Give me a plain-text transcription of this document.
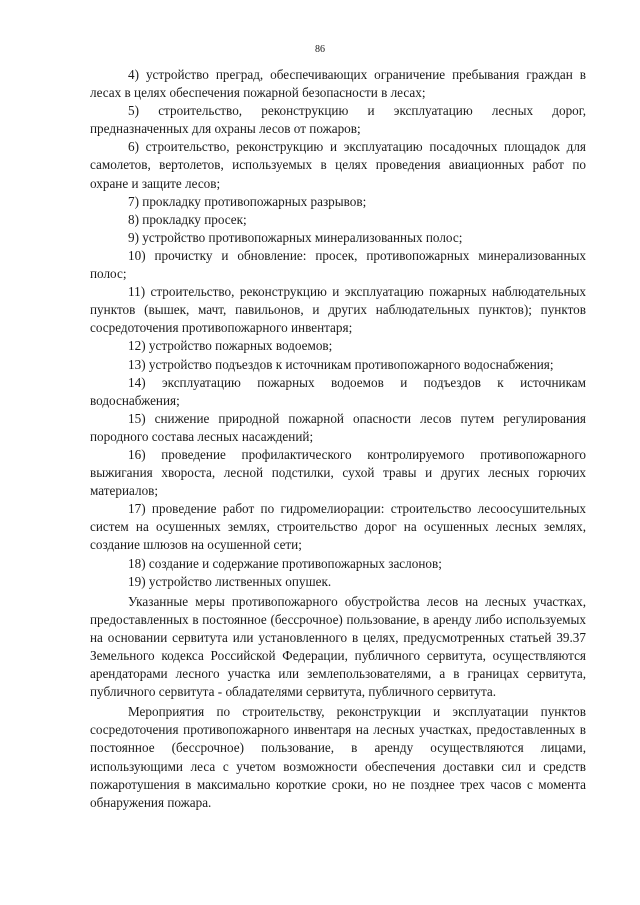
86

4) устройство преград, обеспечивающих ограничение пребывания граждан в лесах в целях обеспечения пожарной безопасности в лесах;

5) строительство, реконструкцию и эксплуатацию лесных дорог, предназначенных для охраны лесов от пожаров;

6) строительство, реконструкцию и эксплуатацию посадочных площадок для самолетов, вертолетов, используемых в целях проведения авиационных работ по охране и защите лесов;

7) прокладку противопожарных разрывов;

8) прокладку просек;

9) устройство противопожарных минерализованных полос;

10) прочистку и обновление: просек, противопожарных минерализованных полос;

11) строительство, реконструкцию и эксплуатацию пожарных наблюдательных пунктов (вышек, мачт, павильонов, и других наблюдательных пунктов); пунктов сосредоточения противопожарного инвентаря;

12) устройство пожарных водоемов;

13) устройство подъездов к источникам противопожарного водоснабжения;

14) эксплуатацию пожарных водоемов и подъездов к источникам водоснабжения;

15) снижение природной пожарной опасности лесов путем регулирования породного состава лесных насаждений;

16) проведение профилактического контролируемого противопожарного выжигания хвороста, лесной подстилки, сухой травы и других лесных горючих материалов;

17) проведение работ по гидромелиорации: строительство лесоосушительных систем на осушенных землях, строительство дорог на осушенных лесных землях, создание шлюзов на осушенной сети;

18) создание и содержание противопожарных заслонов;

19) устройство лиственных опушек.

Указанные меры противопожарного обустройства лесов на лесных участках, предоставленных в постоянное (бессрочное) пользование, в аренду либо используемых на основании сервитута или установленного в целях, предусмотренных статьей 39.37 Земельного кодекса Российской Федерации, публичного сервитута, осуществляются арендаторами лесного участка или землепользователями, а в границах сервитута, публичного сервитута - обладателями сервитута, публичного сервитута.

Мероприятия по строительству, реконструкции и эксплуатации пунктов сосредоточения противопожарного инвентаря на лесных участках, предоставленных в постоянное (бессрочное) пользование, в аренду осуществляются лицами, использующими леса с учетом возможности обеспечения доставки сил и средств пожаротушения в максимально короткие сроки, но не позднее трех часов с момента обнаружения пожара.
